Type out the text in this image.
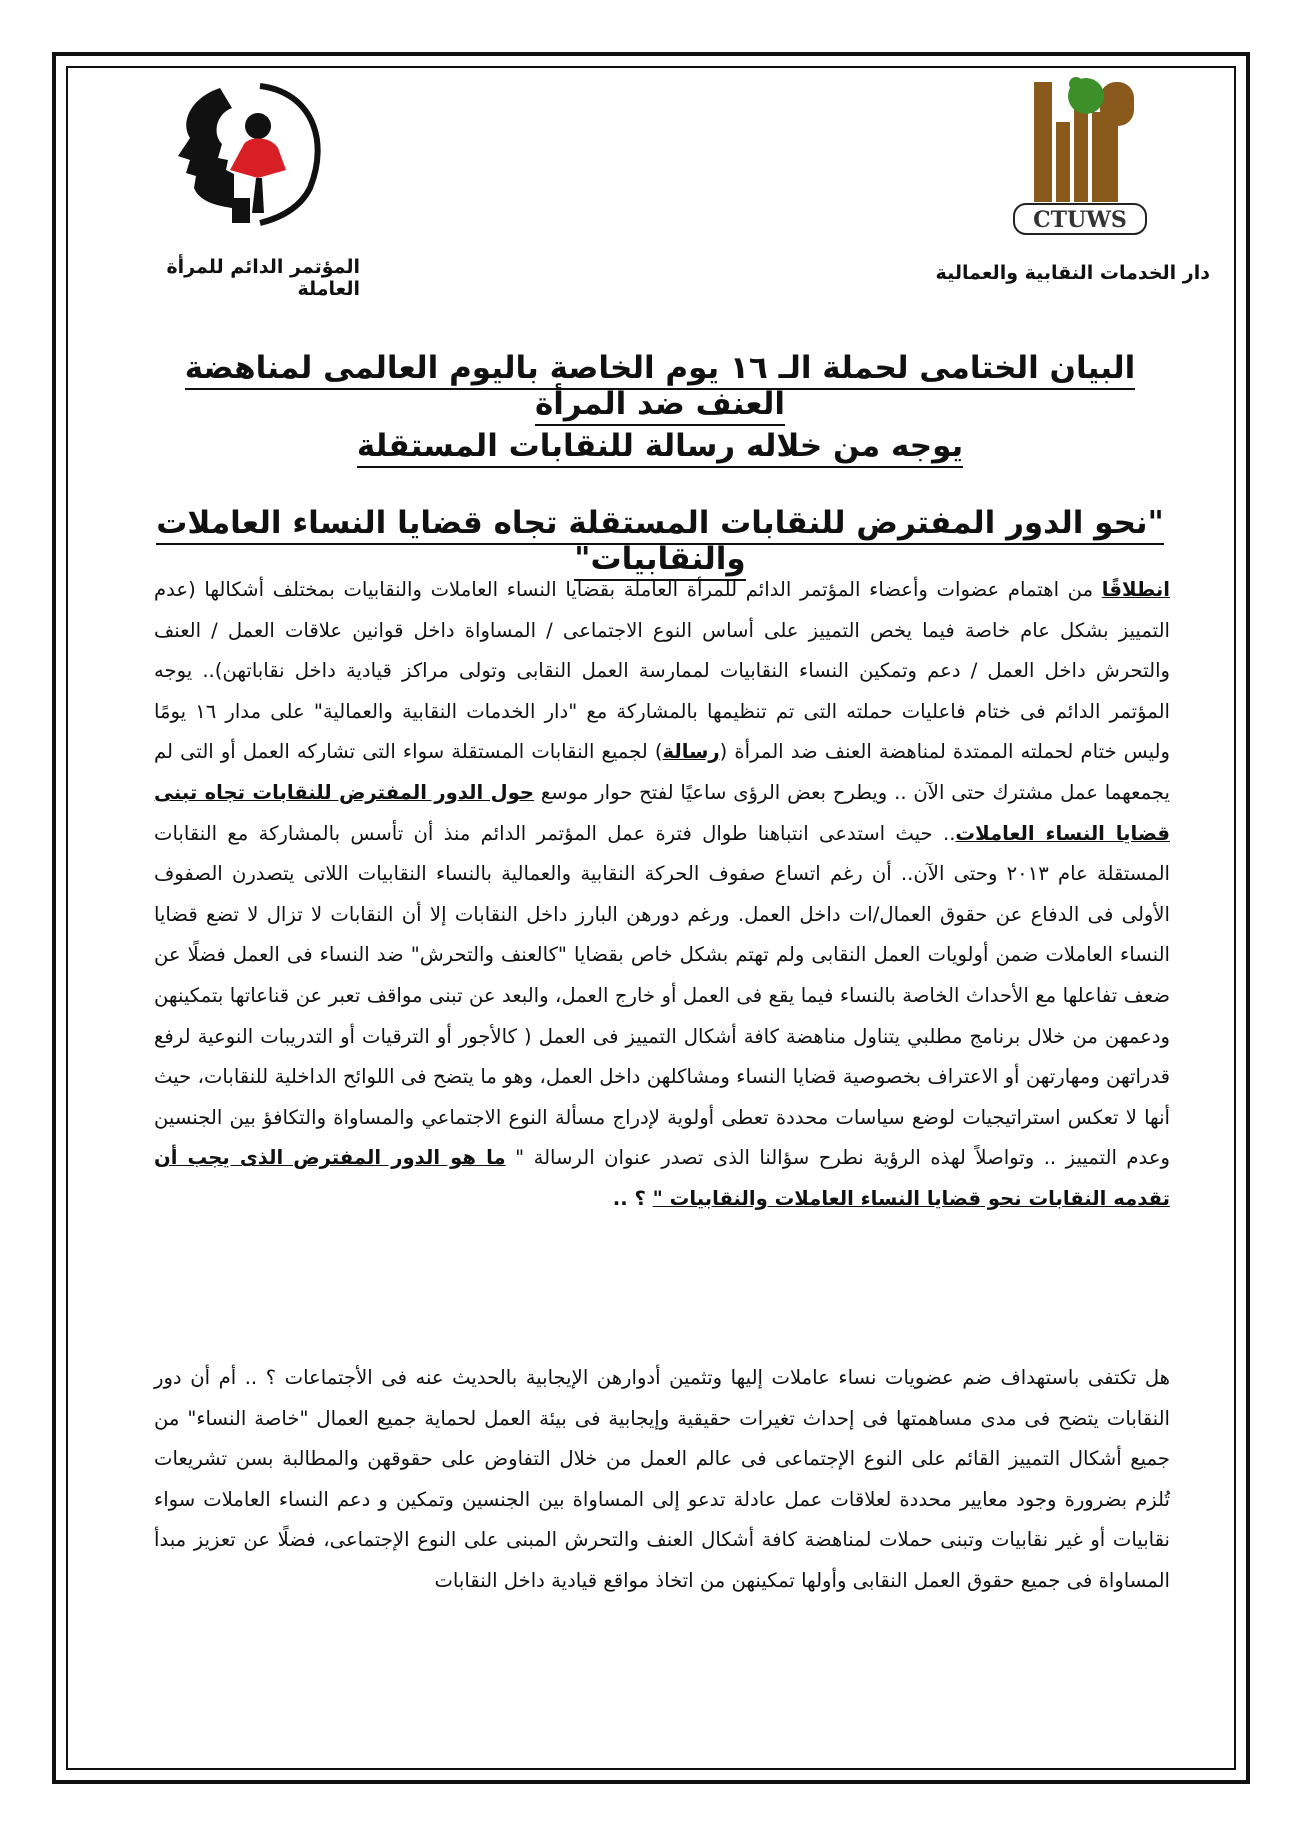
CTUWS
دار الخدمات النقابية والعمالية
المؤتمر الدائم للمرأة العاملة
البيان الختامى لحملة الـ ١٦ يوم الخاصة باليوم العالمى لمناهضة العنف ضد المرأة
يوجه من خلاله رسالة للنقابات المستقلة
"نحو الدور المفترض للنقابات المستقلة تجاه قضايا النساء العاملات والنقابيات"
انطلاقًا من اهتمام عضوات وأعضاء المؤتمر الدائم للمرأة العاملة بقضايا النساء العاملات والنقابيات بمختلف أشكالها (عدم التمييز بشكل عام خاصة فيما يخص التمييز على أساس النوع الاجتماعى / المساواة داخل قوانين علاقات العمل / العنف والتحرش داخل العمل / دعم وتمكين النساء النقابيات لممارسة العمل النقابى وتولى مراكز قيادية داخل نقاباتهن).. يوجه المؤتمر الدائم فى ختام فاعليات حملته التى تم تنظيمها بالمشاركة مع "دار الخدمات النقابية والعمالية" على مدار ١٦ يومًا وليس ختام لحملته الممتدة لمناهضة العنف ضد المرأة (رسالة) لجميع النقابات المستقلة سواء التى تشاركه العمل أو التى لم يجمعهما عمل مشترك حتى الآن .. ويطرح بعض الرؤى ساعيًا لفتح حوار موسع حول الدور المفترض للنقابات تجاه تبنى قضايا النساء العاملات.. حيث استدعى انتباهنا طوال فترة عمل المؤتمر الدائم منذ أن تأسس بالمشاركة مع النقابات المستقلة عام ٢٠١٣ وحتى الآن.. أن رغم اتساع صفوف الحركة النقابية والعمالية بالنساء النقابيات اللاتى يتصدرن الصفوف الأولى فى الدفاع عن حقوق العمال/ات داخل العمل. ورغم دورهن البارز داخل النقابات إلا أن النقابات لا تزال لا تضع قضايا النساء العاملات ضمن أولويات العمل النقابى ولم تهتم بشكل خاص بقضايا "كالعنف والتحرش" ضد النساء فى العمل فضلًا عن ضعف تفاعلها مع الأحداث الخاصة بالنساء فيما يقع فى العمل أو خارج العمل، والبعد عن تبنى مواقف تعبر عن قناعاتها بتمكينهن ودعمهن من خلال برنامج مطلبي يتناول مناهضة كافة أشكال التمييز فى العمل ( كالأجور أو الترقيات أو التدريبات النوعية لرفع قدراتهن ومهارتهن أو الاعتراف بخصوصية قضايا النساء ومشاكلهن داخل العمل، وهو ما يتضح فى اللوائح الداخلية للنقابات، حيث أنها لا تعكس استراتيجيات لوضع سياسات محددة تعطى أولوية لإدراج مسألة النوع الاجتماعي والمساواة والتكافؤ بين الجنسين وعدم التمييز .. وتواصلاً لهذه الرؤية نطرح سؤالنا الذى تصدر عنوان الرسالة " ما هو الدور المفترض الذى يجب أن تقدمه النقابات نحو قضايا النساء العاملات والنقابيات " ؟ ..
هل تكتفى باستهداف ضم عضويات نساء عاملات إليها وتثمين أدوارهن الإيجابية بالحديث عنه فى الأجتماعات ؟ .. أم أن دور النقابات يتضح فى مدى مساهمتها فى إحداث تغيرات حقيقية وإيجابية فى بيئة العمل لحماية جميع العمال "خاصة النساء" من جميع أشكال التمييز القائم على النوع الإجتماعى فى عالم العمل من خلال التفاوض على حقوقهن والمطالبة بسن تشريعات تُلزم بضرورة وجود معايير محددة لعلاقات عمل عادلة تدعو إلى المساواة بين الجنسين وتمكين و دعم النساء العاملات سواء نقابيات أو غير نقابيات وتبنى حملات لمناهضة كافة أشكال العنف والتحرش المبنى على النوع الإجتماعى، فضلًا عن تعزيز مبدأ المساواة فى جميع حقوق العمل النقابى وأولها تمكينهن من اتخاذ مواقع قيادية داخل النقابات
